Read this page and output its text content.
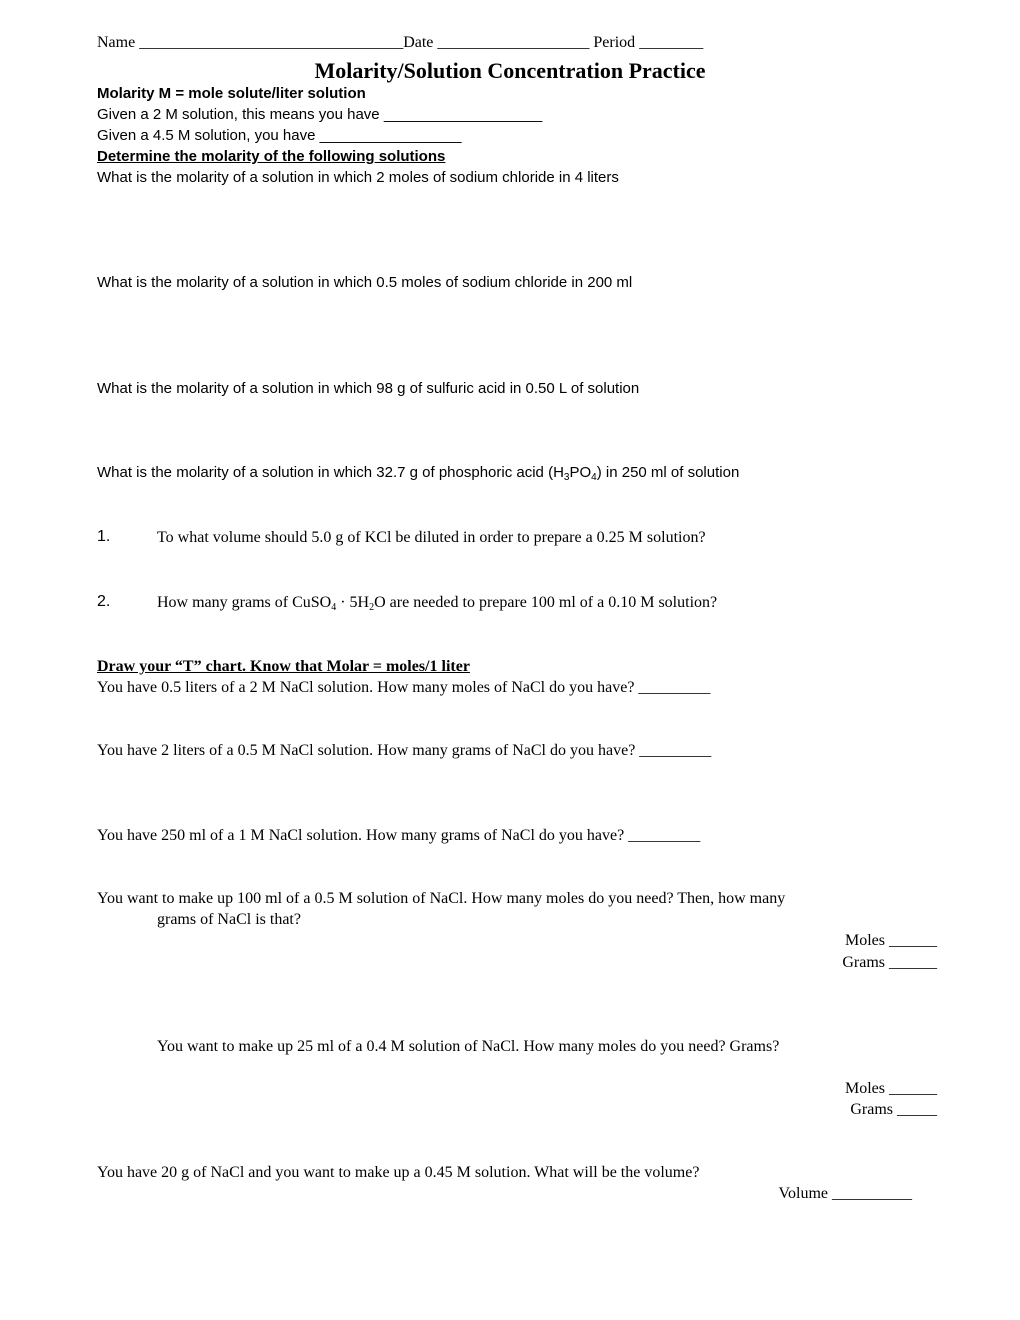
Name _________________________________Date ___________________ Period ________
Molarity/Solution Concentration Practice
Molarity M = mole solute/liter solution
Given a 2 M solution, this means you have ___________________
Given a 4.5 M solution, you have _________________
Determine the molarity of the following solutions
What is the molarity of a solution in which 2 moles of sodium chloride in 4 liters
What is the molarity of a solution in which 0.5 moles of sodium chloride in 200 ml
What is the molarity of a solution in which 98 g of sulfuric acid in 0.50 L of solution
What is the molarity of a solution in which 32.7 g of phosphoric acid $(H_3PO_4)$ in 250 ml of solution
1.	To what volume should 5.0 g of KCl be diluted in order to prepare a 0.25 M solution?
2.	How many grams of CuSO$_4$ · $5H_2O$ are needed to prepare 100 ml of a 0.10 M solution?
Draw your “T” chart. Know that Molar = moles/1 liter
You have 0.5 liters of a 2 M NaCl solution. How many moles of NaCl do you have? _________
You have 2 liters of a 0.5 M NaCl solution. How many grams of NaCl do you have? _________
You have 250 ml of a 1 M NaCl solution. How many grams of NaCl do you have? _________
You want to make up 100 ml of a 0.5 M solution of NaCl. How many moles do you need? Then, how many
grams of NaCl is that?
Moles ______
Grams ______
You want to make up 25 ml of a 0.4 M solution of NaCl. How many moles do you need? Grams?
Moles ______
Grams _____
You have 20 g of NaCl and you want to make up a 0.45 M solution. What will be the volume?
Volume __________
